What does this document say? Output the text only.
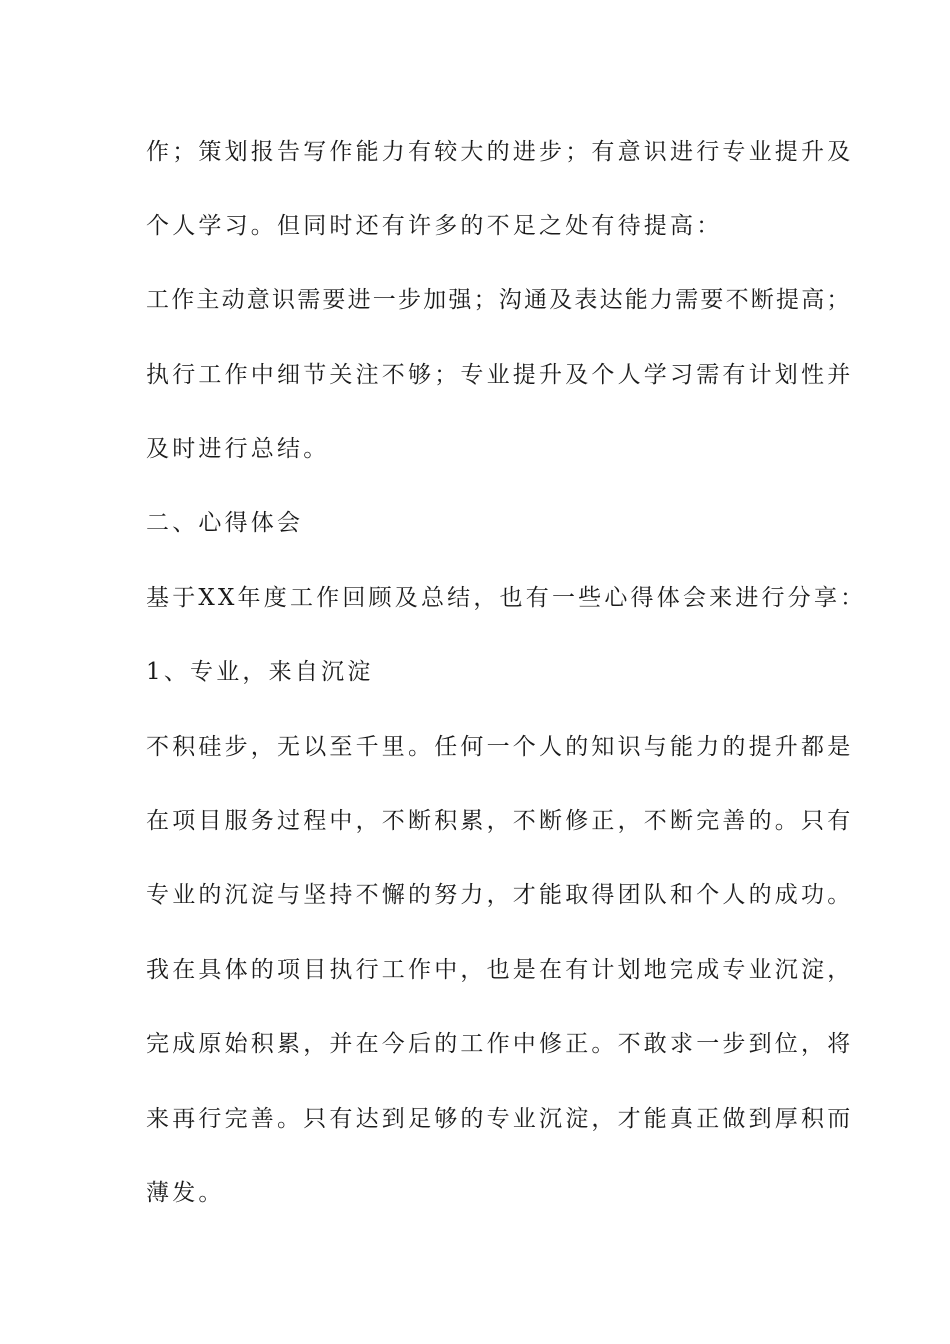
作；策划报告写作能力有较大的进步；有意识进行专业提升及
个人学习。但同时还有许多的不足之处有待提高：
工作主动意识需要进一步加强；沟通及表达能力需要不断提高；
执行工作中细节关注不够；专业提升及个人学习需有计划性并
及时进行总结。
二、心得体会
基于XX年度工作回顾及总结，也有一些心得体会来进行分享：
1、专业，来自沉淀
不积硅步，无以至千里。任何一个人的知识与能力的提升都是
在项目服务过程中，不断积累，不断修正，不断完善的。只有
专业的沉淀与坚持不懈的努力，才能取得团队和个人的成功。
我在具体的项目执行工作中，也是在有计划地完成专业沉淀，
完成原始积累，并在今后的工作中修正。不敢求一步到位，将
来再行完善。只有达到足够的专业沉淀，才能真正做到厚积而
薄发。
